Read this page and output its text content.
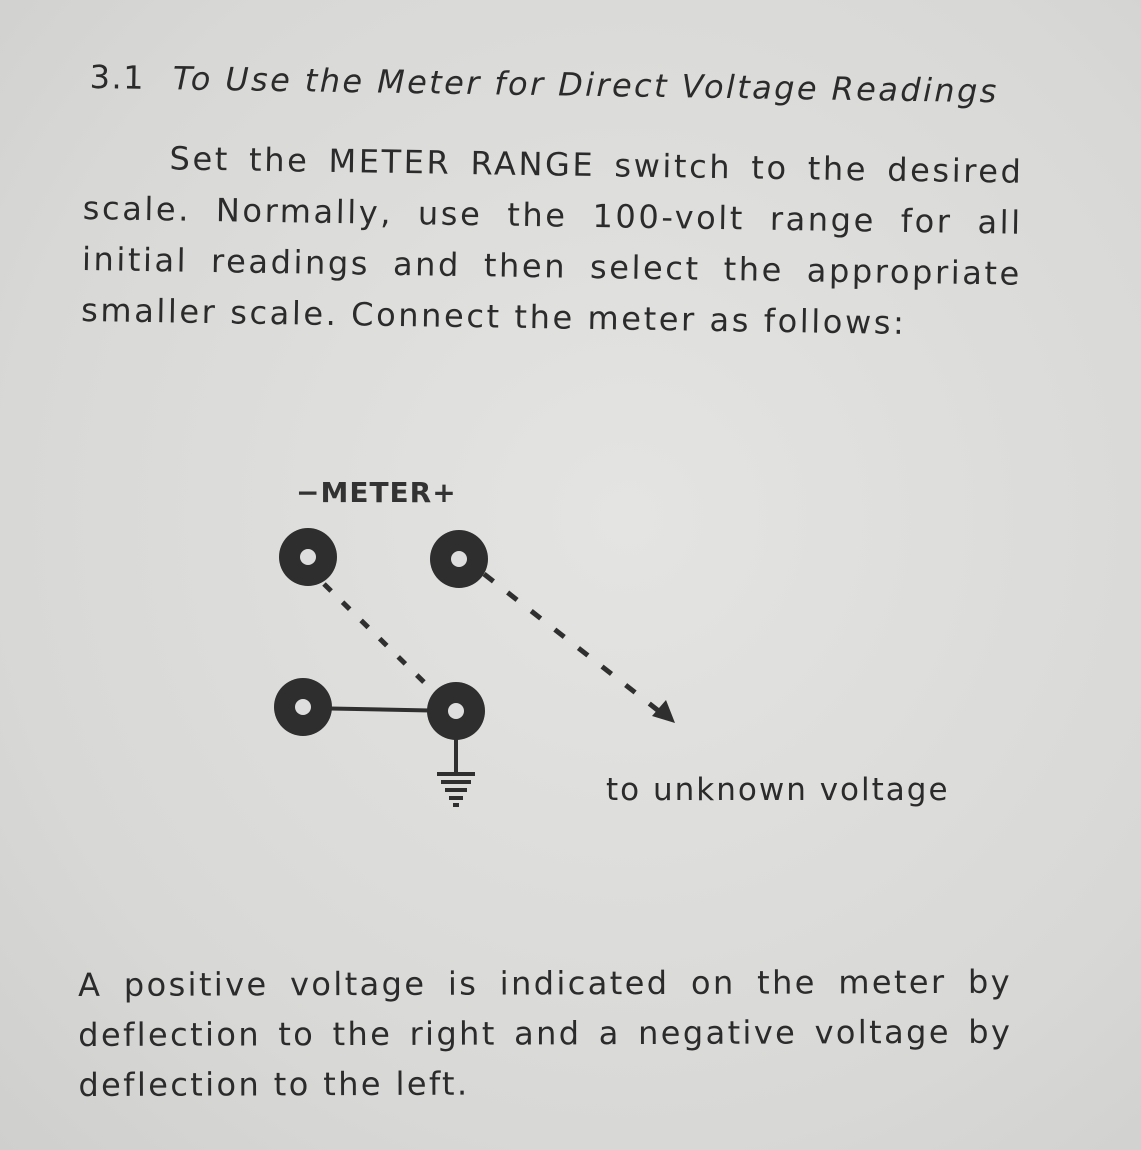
3.1 To Use the Meter for Direct Voltage Readings

Set the METER RANGE switch to the desired scale. Normally, use the 100-volt range for all initial readings and then select the appropriate smaller scale. Connect the meter as follows:

−METER+
to unknown voltage

A positive voltage is indicated on the meter by deflection to the right and a negative voltage by deflection to the left.
